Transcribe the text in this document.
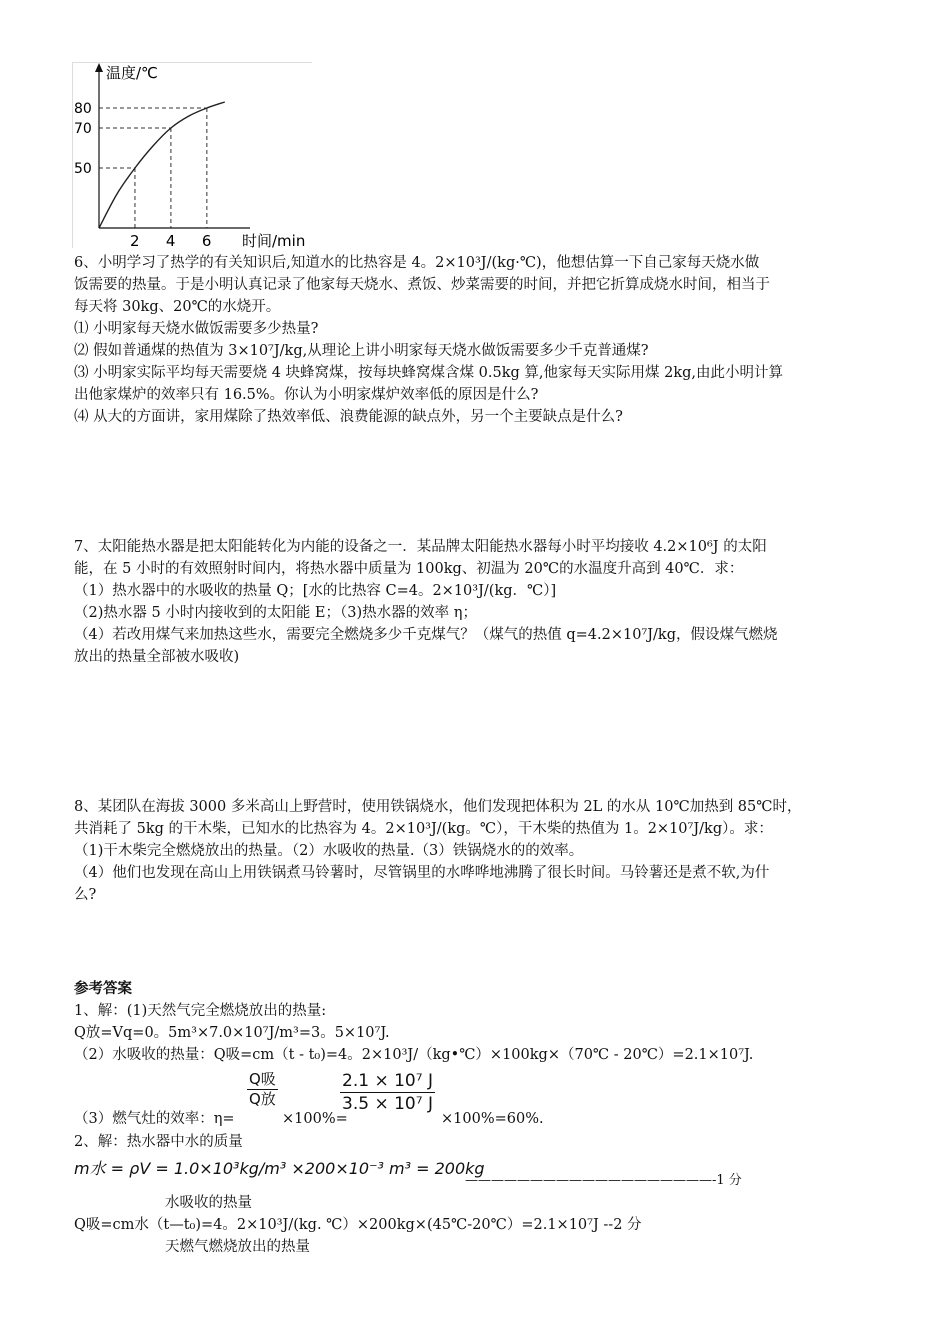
2 4 6
50
70
80
温度/℃
时间/min
6、小明学习了热学的有关知识后,知道水的比热容是 4。2×10³J/(kg·℃)，他想估算一下自己家每天烧水做
饭需要的热量。于是小明认真记录了他家每天烧水、煮饭、炒菜需要的时间，并把它折算成烧水时间，相当于
每天将 30kg、20℃的水烧开。
⑴ 小明家每天烧水做饭需要多少热量?
⑵ 假如普通煤的热值为 3×10⁷J/kg,从理论上讲小明家每天烧水做饭需要多少千克普通煤?
⑶ 小明家实际平均每天需要烧 4 块蜂窝煤，按每块蜂窝煤含煤 0.5kg 算,他家每天实际用煤 2kg,由此小明计算
出他家煤炉的效率只有 16.5%。你认为小明家煤炉效率低的原因是什么?
⑷ 从大的方面讲，家用煤除了热效率低、浪费能源的缺点外，另一个主要缺点是什么?
7、太阳能热水器是把太阳能转化为内能的设备之一．某品牌太阳能热水器每小时平均接收 4.2×10⁶J 的太阳
能，在 5 小时的有效照射时间内，将热水器中质量为 100kg、初温为 20℃的水温度升高到 40℃．求：
（1）热水器中的水吸收的热量 Q；[水的比热容 C=4。2×10³J/(kg．℃）]
（2)热水器 5 小时内接收到的太阳能 E；（3)热水器的效率 η；
（4）若改用煤气来加热这些水，需要完全燃烧多少千克煤气？（煤气的热值 q=4.2×10⁷J/kg，假设煤气燃烧
放出的热量全部被水吸收)
8、某团队在海拔 3000 多米高山上野营时，使用铁锅烧水，他们发现把体积为 2L 的水从 10℃加热到 85℃时，
共消耗了 5kg 的干木柴，已知水的比热容为 4。2×10³J/(kg。℃），干木柴的热值为 1。2×10⁷J/kg）。求：
（1)干木柴完全燃烧放出的热量。（2）水吸收的热量.（3）铁锅烧水的的效率。
（4）他们也发现在高山上用铁锅煮马铃薯时，尽管锅里的水哗哗地沸腾了很长时间。马铃薯还是煮不软,为什
么?
参考答案
1、解：(1)天然气完全燃烧放出的热量:
Q放=Vq=0。5m³×7.0×10⁷J/m³=3。5×10⁷J.
（2）水吸收的热量：Q吸=cm（t - t₀)=4。2×10³J/（kg•℃）×100kg×（70℃ - 20℃）=2.1×10⁷J.
（3）燃气灶的效率：η=
Q吸
Q放
×100%=
$\frac{\text{2.1 × 10⁷ J}}{\text{3.5 × 10⁷ J}}$
×100%=60%.
2、解：热水器中水的质量
m水 = ρV = 1.0×10³kg/m³ ×200×10⁻³ m³ = 200kg
———————————————————-1 分
水吸收的热量
Q吸=cm水（t—t₀)=4。2×10³J/(kg. ℃）×200kg×(45℃-20℃）=2.1×10⁷J --2 分
天燃气燃烧放出的热量
